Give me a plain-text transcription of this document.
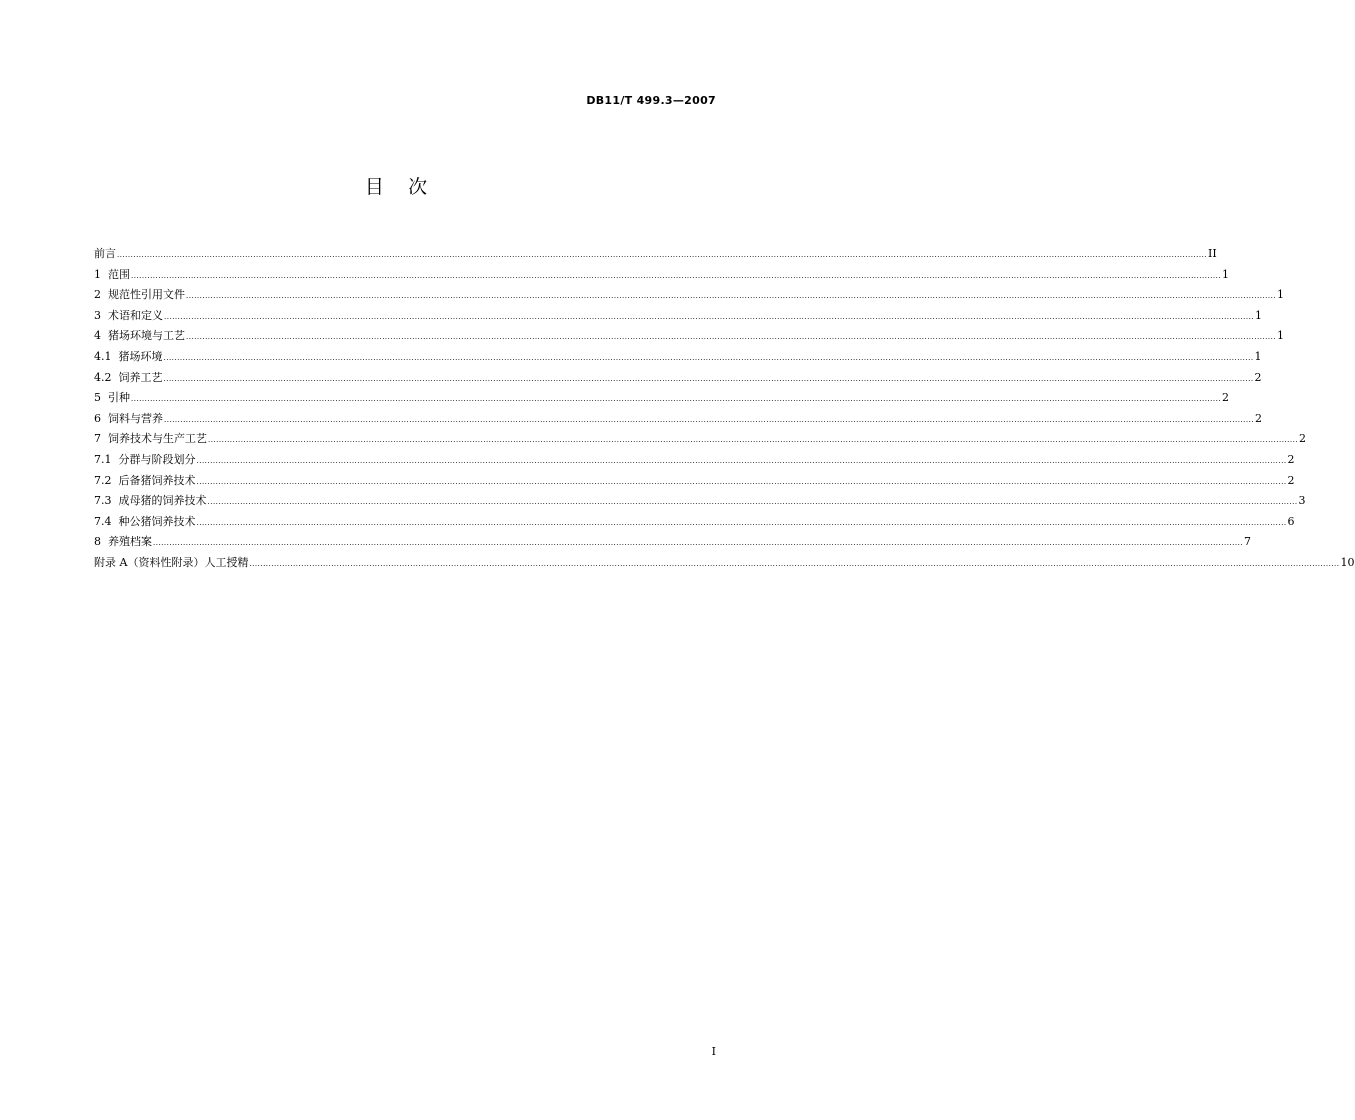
DB11/T 499.3—2007
目    次
前言 ................................................................................................................................................................................................................................................................................................................................................................................................................ II
1  范围 ................................................................................................................................................................................................................................................................................................................................................................................................................ 1
2  规范性引用文件 ................................................................................................................................................................................................................................................................................................................................................................................................................ 1
3  术语和定义 ................................................................................................................................................................................................................................................................................................................................................................................................................ 1
4  猪场环境与工艺 ................................................................................................................................................................................................................................................................................................................................................................................................................ 1
4.1  猪场环境 ................................................................................................................................................................................................................................................................................................................................................................................................................ 1
4.2  饲养工艺 ................................................................................................................................................................................................................................................................................................................................................................................................................ 2
5  引种 ................................................................................................................................................................................................................................................................................................................................................................................................................ 2
6  饲料与营养 ................................................................................................................................................................................................................................................................................................................................................................................................................ 2
7  饲养技术与生产工艺 ................................................................................................................................................................................................................................................................................................................................................................................................................ 2
7.1  分群与阶段划分 ................................................................................................................................................................................................................................................................................................................................................................................................................ 2
7.2  后备猪饲养技术 ................................................................................................................................................................................................................................................................................................................................................................................................................ 2
7.3  成母猪的饲养技术 ................................................................................................................................................................................................................................................................................................................................................................................................................ 3
7.4  种公猪饲养技术 ................................................................................................................................................................................................................................................................................................................................................................................................................ 6
8  养殖档案 ................................................................................................................................................................................................................................................................................................................................................................................................................ 7
附录 A（资料性附录）人工授精 ................................................................................................................................................................................................................................................................................................................................................................................................................ 10
I
